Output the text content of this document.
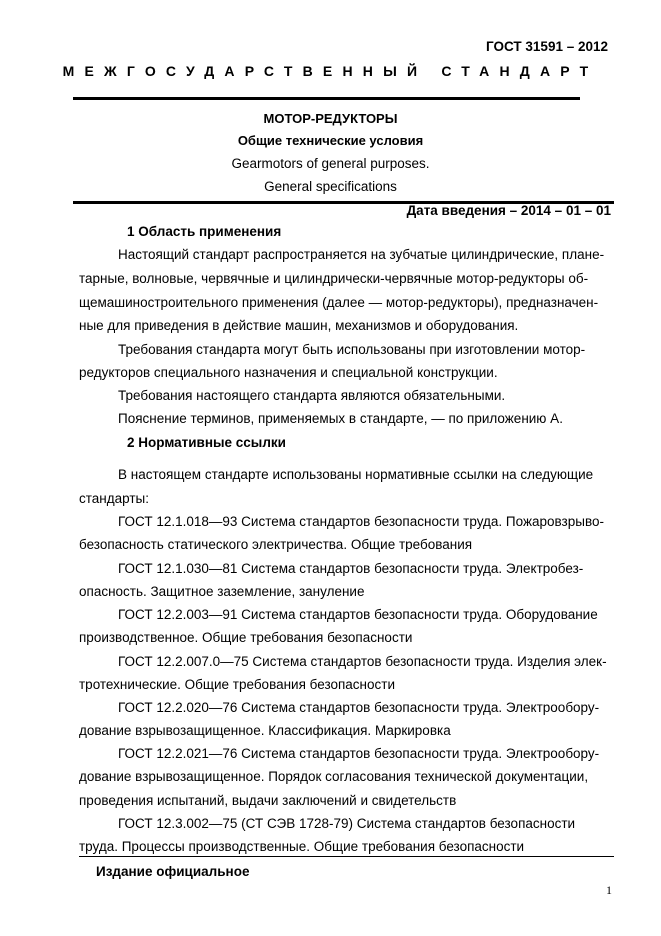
ГОСТ 31591 – 2012
МЕЖГОСУДАРСТВЕННЫЙ СТАНДАРТ
МОТОР-РЕДУКТОРЫ
Общие технические условия
Gearmotors of general purposes.
General specifications
Дата введения – 2014 – 01 – 01
1 Область применения
Настоящий стандарт распространяется на зубчатые цилиндрические, плане-
тарные, волновые, червячные и цилиндрически-червячные мотор-редукторы об-
щемашиностроительного применения (далее — мотор-редукторы), предназначен-
ные для приведения в действие машин, механизмов и оборудования.
Требования стандарта могут быть использованы при изготовлении мотор-
редукторов специального назначения и специальной конструкции.
Требования настоящего стандарта являются обязательными.
Пояснение терминов, применяемых в стандарте, — по приложению А.
2 Нормативные ссылки
В настоящем стандарте использованы нормативные ссылки на следующие
стандарты:
ГОСТ 12.1.018—93 Система стандартов безопасности труда. Пожаровзрыво-
безопасность статического электричества. Общие требования
ГОСТ 12.1.030—81 Система стандартов безопасности труда. Электробез-
опасность. Защитное заземление, зануление
ГОСТ 12.2.003—91 Система стандартов безопасности труда. Оборудование
производственное. Общие требования безопасности
ГОСТ 12.2.007.0—75 Система стандартов безопасности труда. Изделия элек-
тротехнические. Общие требования безопасности
ГОСТ 12.2.020—76 Система стандартов безопасности труда. Электрообору-
дование взрывозащищенное. Классификация. Маркировка
ГОСТ 12.2.021—76 Система стандартов безопасности труда. Электрообору-
дование взрывозащищенное. Порядок согласования технической документации,
проведения испытаний, выдачи заключений и свидетельств
ГОСТ 12.3.002—75 (СТ СЭВ 1728-79) Система стандартов безопасности
труда. Процессы производственные. Общие требования безопасности
Издание официальное
1
